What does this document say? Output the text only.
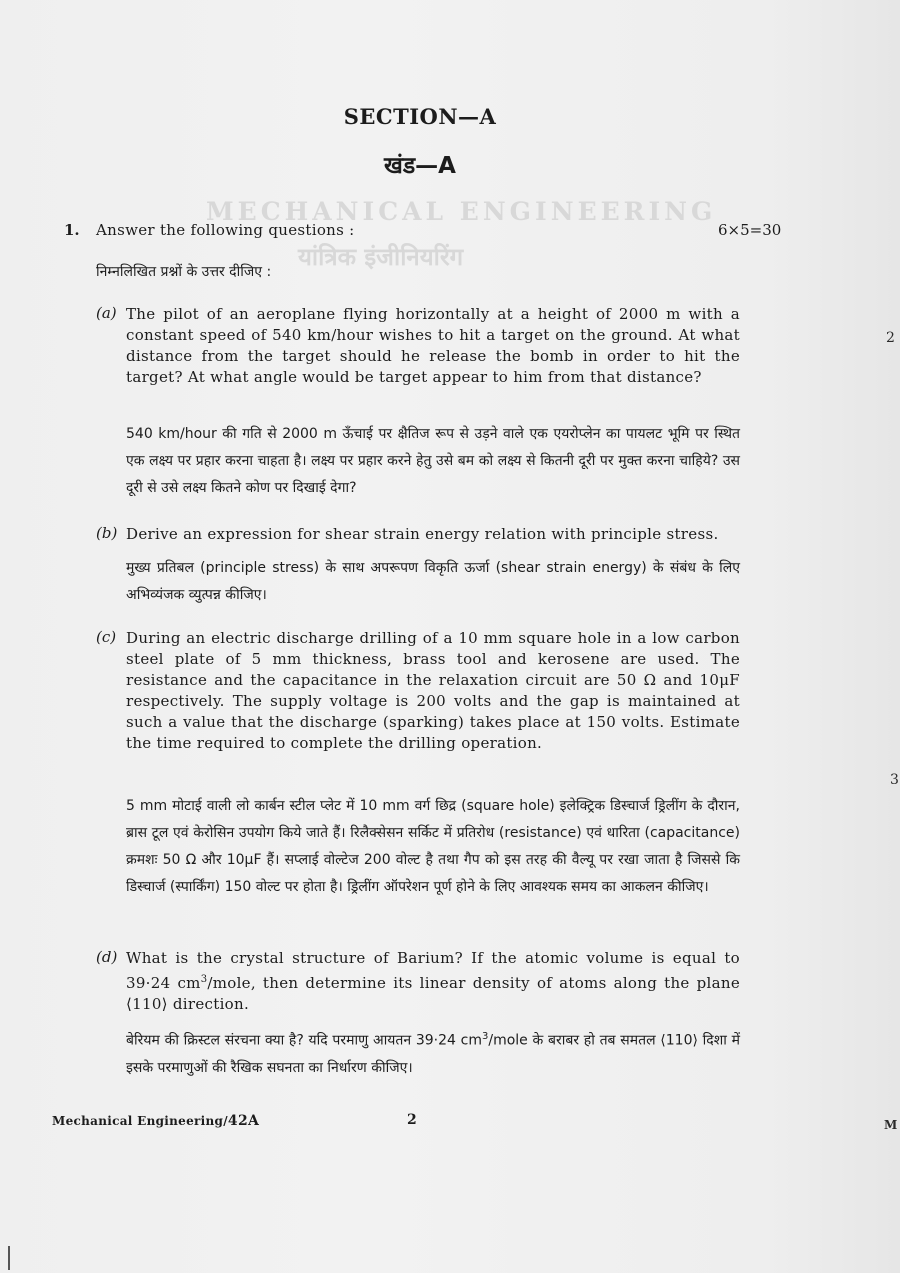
MECHANICAL ENGINEERING
यांत्रिक इंजीनियरिंग
SECTION—A
खंड—A
1. Answer the following questions :	6×5=30
निम्नलिखित प्रश्नों के उत्तर दीजिए :
(a) The pilot of an aeroplane flying horizontally at a height of 2000 m with a constant speed of 540 km/hour wishes to hit a target on the ground. At what distance from the target should he release the bomb in order to hit the target? At what angle would be target appear to him from that distance?
540 km/hour की गति से 2000 m ऊँचाई पर क्षैतिज रूप से उड़ने वाले एक एयरोप्लेन का पायलट भूमि पर स्थित एक लक्ष्य पर प्रहार करना चाहता है। लक्ष्य पर प्रहार करने हेतु उसे बम को लक्ष्य से कितनी दूरी पर मुक्त करना चाहिये? उस दूरी से उसे लक्ष्य कितने कोण पर दिखाई देगा?
(b) Derive an expression for shear strain energy relation with principle stress.
मुख्य प्रतिबल (principle stress) के साथ अपरूपण विकृति ऊर्जा (shear strain energy) के संबंध के लिए अभिव्यंजक व्युत्पन्न कीजिए।
(c) During an electric discharge drilling of a 10 mm square hole in a low carbon steel plate of 5 mm thickness, brass tool and kerosene are used. The resistance and the capacitance in the relaxation circuit are 50 Ω and 10μF respectively. The supply voltage is 200 volts and the gap is maintained at such a value that the discharge (sparking) takes place at 150 volts. Estimate the time required to complete the drilling operation.
5 mm मोटाई वाली लो कार्बन स्टील प्लेट में 10 mm वर्ग छिद्र (square hole) इलेक्ट्रिक डिस्चार्ज ड्रिलींग के दौरान, ब्रास टूल एवं केरोसिन उपयोग किये जाते हैं। रिलैक्सेसन सर्किट में प्रतिरोध (resistance) एवं धारिता (capacitance) क्रमशः 50 Ω और 10μF हैं। सप्लाई वोल्टेज 200 वोल्ट है तथा गैप को इस तरह की वैल्यू पर रखा जाता है जिससे कि डिस्चार्ज (स्पार्किंग) 150 वोल्ट पर होता है। ड्रिलींग ऑपरेशन पूर्ण होने के लिए आवश्यक समय का आकलन कीजिए।
(d) What is the crystal structure of Barium? If the atomic volume is equal to 39·24 $cm^3$/mole, then determine its linear density of atoms along the plane ⟨110⟩ direction.
बेरियम की क्रिस्टल संरचना क्या है? यदि परमाणु आयतन 39·24 $cm^3$/mole के बराबर हो तब समतल ⟨110⟩ दिशा में इसके परमाणुओं की रैखिक सघनता का निर्धारण कीजिए।
Mechanical Engineering/42A	2
2
3
M
